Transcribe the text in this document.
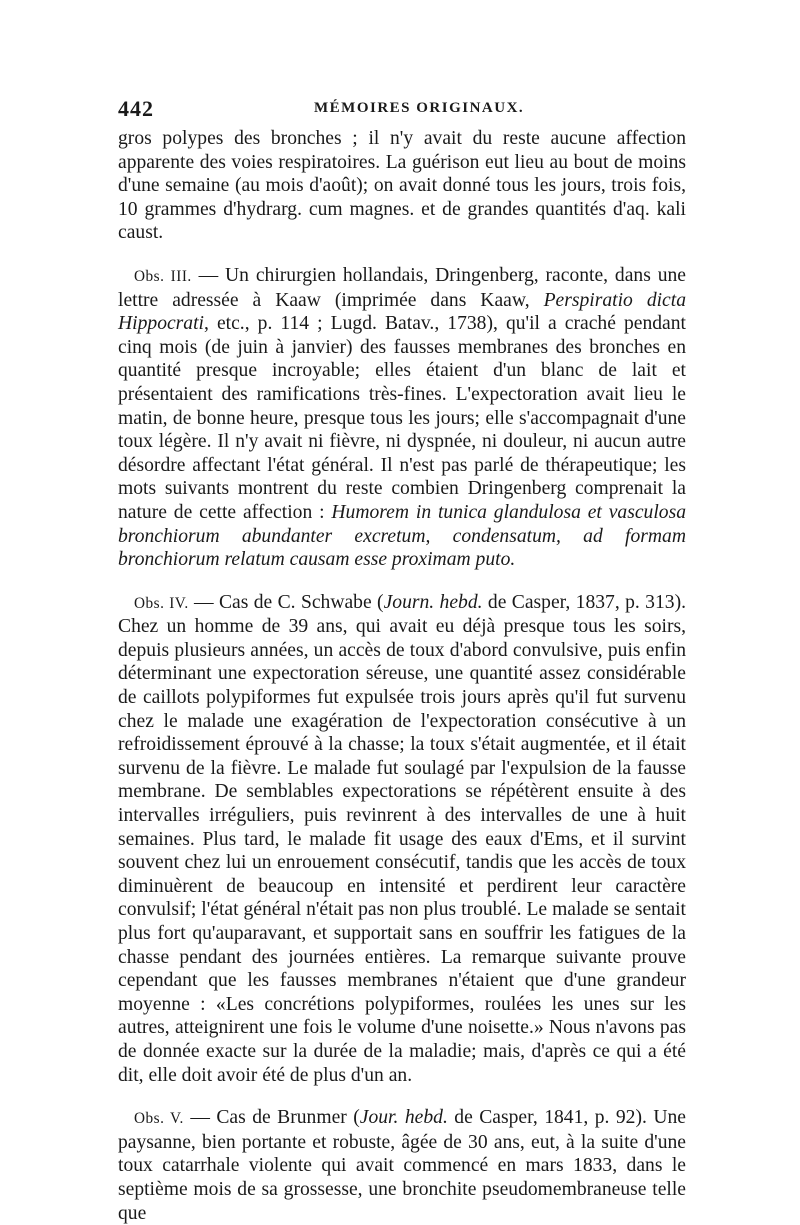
442	MÉMOIRES ORIGINAUX.

gros polypes des bronches ; il n'y avait du reste aucune affection apparente des voies respiratoires. La guérison eut lieu au bout de moins d'une semaine (au mois d'août); on avait donné tous les jours, trois fois, 10 grammes d'hydrarg. cum magnes. et de grandes quantités d'aq. kali caust.

Obs. III. — Un chirurgien hollandais, Dringenberg, raconte, dans une lettre adressée à Kaaw (imprimée dans Kaaw, Perspiratio dicta Hippocrati, etc., p. 114 ; Lugd. Batav., 1738), qu'il a craché pendant cinq mois (de juin à janvier) des fausses membranes des bronches en quantité presque incroyable; elles étaient d'un blanc de lait et présentaient des ramifications très-fines. L'expectoration avait lieu le matin, de bonne heure, presque tous les jours; elle s'accompagnait d'une toux légère. Il n'y avait ni fièvre, ni dyspnée, ni douleur, ni aucun autre désordre affectant l'état général. Il n'est pas parlé de thérapeutique; les mots suivants montrent du reste combien Dringenberg comprenait la nature de cette affection : Humorem in tunica glandulosa et vasculosa bronchiorum abundanter excretum, condensatum, ad formam bronchiorum relatum causam esse proximam puto.

Obs. IV. — Cas de C. Schwabe (Journ. hebd. de Casper, 1837, p. 313). Chez un homme de 39 ans, qui avait eu déjà presque tous les soirs, depuis plusieurs années, un accès de toux d'abord convulsive, puis enfin déterminant une expectoration séreuse, une quantité assez considérable de caillots polypiformes fut expulsée trois jours après qu'il fut survenu chez le malade une exagération de l'expectoration consécutive à un refroidissement éprouvé à la chasse; la toux s'était augmentée, et il était survenu de la fièvre. Le malade fut soulagé par l'expulsion de la fausse membrane. De semblables expectorations se répétèrent ensuite à des intervalles irréguliers, puis revinrent à des intervalles de une à huit semaines. Plus tard, le malade fit usage des eaux d'Ems, et il survint souvent chez lui un enrouement consécutif, tandis que les accès de toux diminuèrent de beaucoup en intensité et perdirent leur caractère convulsif; l'état général n'était pas non plus troublé. Le malade se sentait plus fort qu'auparavant, et supportait sans en souffrir les fatigues de la chasse pendant des journées entières. La remarque suivante prouve cependant que les fausses membranes n'étaient que d'une grandeur moyenne : «Les concrétions polypiformes, roulées les unes sur les autres, atteignirent une fois le volume d'une noisette.» Nous n'avons pas de donnée exacte sur la durée de la maladie; mais, d'après ce qui a été dit, elle doit avoir été de plus d'un an.

Obs. V. — Cas de Brunmer (Jour. hebd. de Casper, 1841, p. 92). Une paysanne, bien portante et robuste, âgée de 30 ans, eut, à la suite d'une toux catarrhale violente qui avait commencé en mars 1833, dans le septième mois de sa grossesse, une bronchite pseudomembraneuse telle que
